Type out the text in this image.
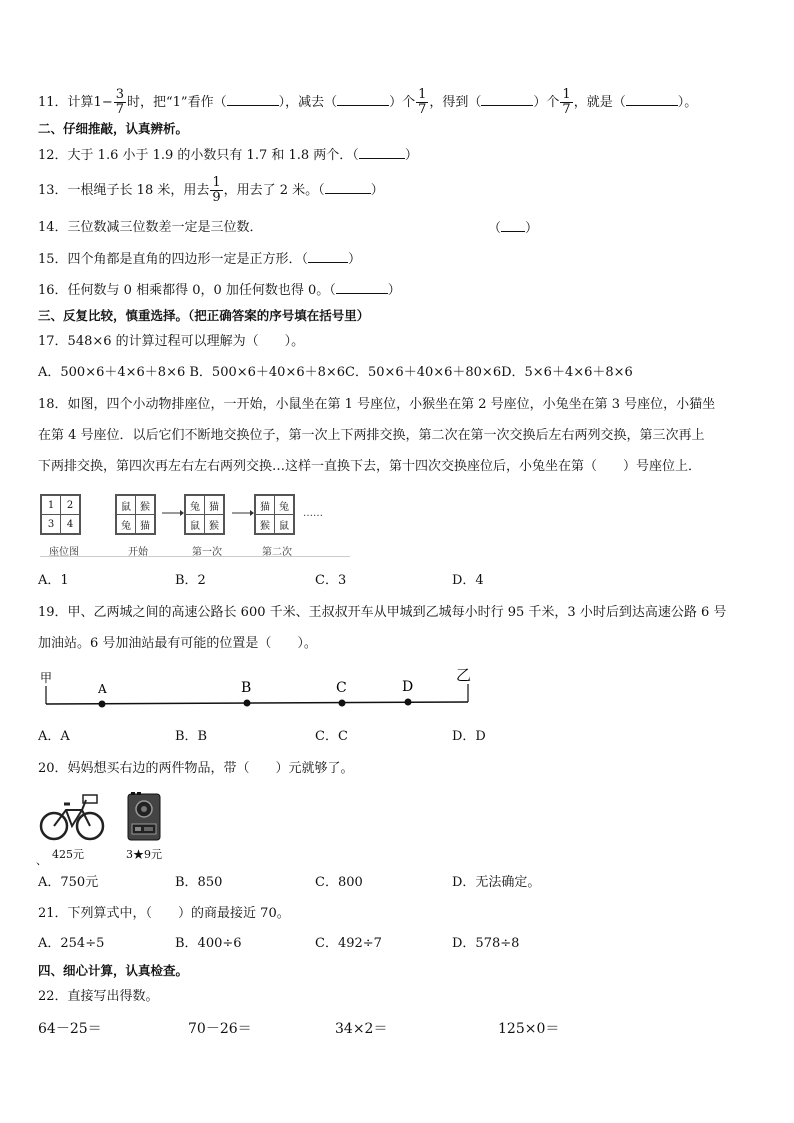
11．计算$1- \frac{3}{7}$ 时，把“1”看作（	），减去（	）个 $\frac{1}{7}$ ，得到（	）个 $\frac{1}{7}$ ，就是（	）。
二、仔细推敲，认真辨析。
12．大于 1.6 小于 1.9 的小数只有 1.7 和 1.8 两个．（	）
13．一根绳子长 18 米，用去 $\frac{1}{9}$ ，用去了 2 米。（	）
14．三位数减三位数差一定是三位数．	（ ）
15．四个角都是直角的四边形一定是正方形．（	）
16．任何数与 0 相乘都得 0，0 加任何数也得 0。（	）
三、反复比较，慎重选择。（把正确答案的序号填在括号里）
17．548×6 的计算过程可以理解为（　　）。
A．500×6＋4×6＋8×6 B．500×6＋40×6＋8×6C．50×6＋40×6＋80×6D．5×6＋4×6＋8×6
18．如图，四个小动物排座位，一开始，小鼠坐在第 1 号座位，小猴坐在第 2 号座位，小兔坐在第 3 号座位，小猫坐
在第 4 号座位．以后它们不断地交换位子，第一次上下两排交换，第二次在第一次交换后左右两列交换，第三次再上
下两排交换，第四次再左右左右两列交换…这样一直换下去，第十四次交换座位后，小兔坐在第（　　）号座位上．
1	2
3	4
座位图
鼠	猴
兔	猫
开始
兔	猫
鼠	猴
第一次
猫	兔
猴	鼠
第二次
……
A．1	B．2	C．3	D．4
19．甲、乙两城之间的高速公路长 600 千米、王叔叔开车从甲城到乙城每小时行 95 千米，3 小时后到达高速公路 6 号
加油站。6 号加油站最有可能的位置是（　　）。
甲	乙
A	B	C	D
A．A	B．B	C．C	D．D
20．妈妈想买右边的两件物品，带（　　）元就够了。
425元
、	3★9元
A．750元	B．850	C．800	D．无法确定。
21．下列算式中，（　　）的商最接近 70。
A．254÷5	B．400÷6	C．492÷7	D．578÷8
四、细心计算，认真检查。
22．直接写出得数。
64－25＝	70－26＝	34×2＝	125×0＝
